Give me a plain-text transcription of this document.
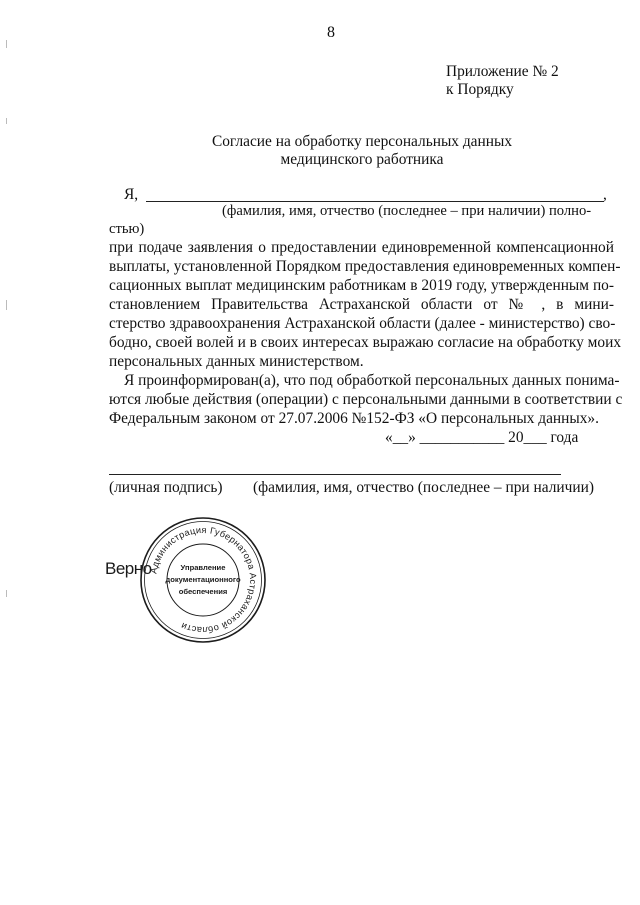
8
Приложение № 2
к Порядку
Согласие на обработку персональных данных
медицинского работника
Я,	,
(фамилия, имя, отчество (последнее – при наличии) полно-
стью)
при подаче заявления о предоставлении единовременной компенсационной
выплаты, установленной Порядком предоставления единовременных компен-
сационных выплат медицинским работникам в 2019 году, утвержденным по-
становлением Правительства Астраханской области от № , в мини-
стерство здравоохранения Астраханской области (далее - министерство) сво-
бодно, своей волей и в своих интересах выражаю согласие на обработку моих
персональных данных министерством.
Я проинформирован(а), что под обработкой персональных данных понима-
ются любые действия (операции) с персональными данными в соответствии с
Федеральным законом от 27.07.2006 №152-ФЗ «О персональных данных».
«__» ___________ 20___ года
(личная подпись) (фамилия, имя, отчество (последнее – при наличии)
Верно
Администрация Губернатора Астраханской области
Управление
документационного
обеспечения
